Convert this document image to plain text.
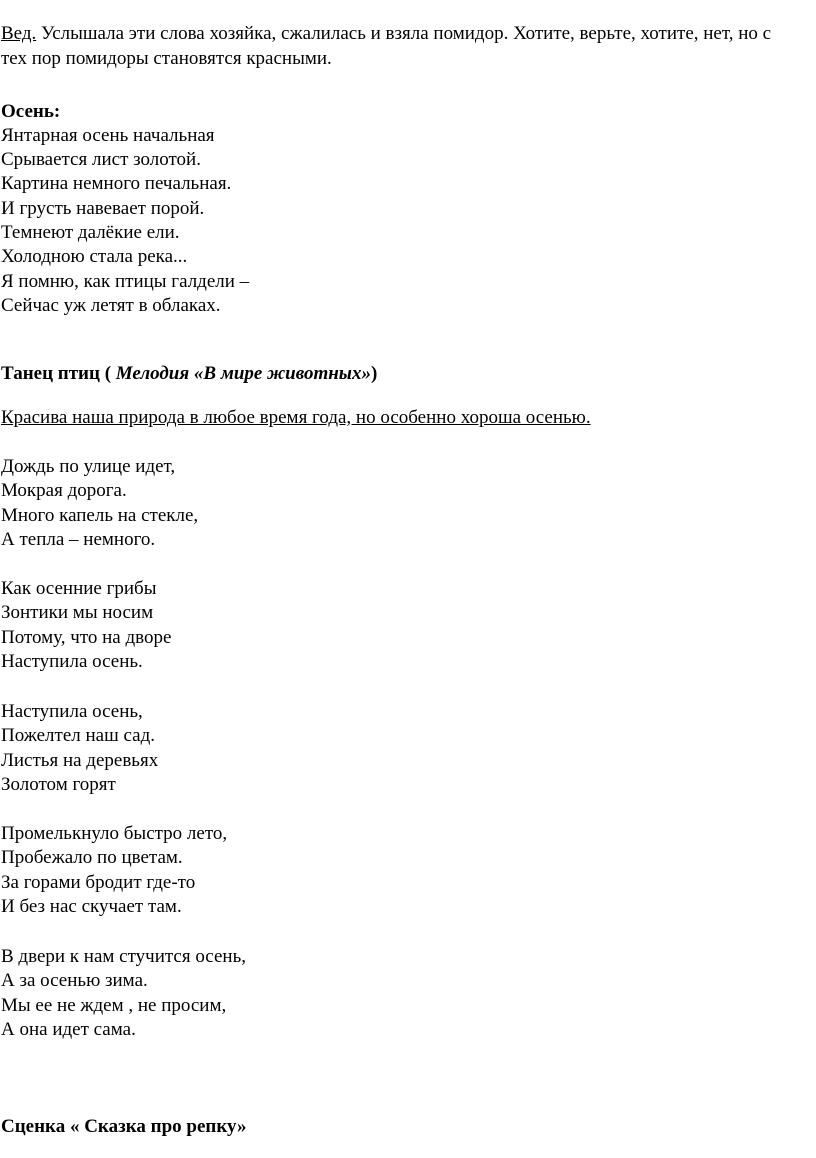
Вед. Услышала эти слова хозяйка, сжалилась и взяла помидор. Хотите, верьте, хотите, нет, но с тех пор помидоры становятся красными.
Осень:
Янтарная осень начальная
Срывается лист золотой.
Картина немного печальная.
И грусть навевает порой.
Темнеют далёкие ели.
Холодною стала река...
Я помню, как птицы галдели –
Сейчас уж летят в облаках.
Танец птиц ( Мелодия «В мире животных»)
Красива наша природа в любое время года, но особенно хороша осенью.
Дождь по улице идет,
Мокрая дорога.
Много капель на стекле,
А тепла – немного.
Как осенние грибы
Зонтики мы носим
Потому, что на дворе
Наступила осень.
Наступила осень,
Пожелтел наш сад.
Листья на деревьях
Золотом горят
Промелькнуло быстро лето,
Пробежало по цветам.
За горами бродит где-то
И без нас скучает там.
В двери к нам стучится осень,
А за осенью зима.
Мы ее не ждем , не просим,
А она идет сама.
Сценка « Сказка про репку»
